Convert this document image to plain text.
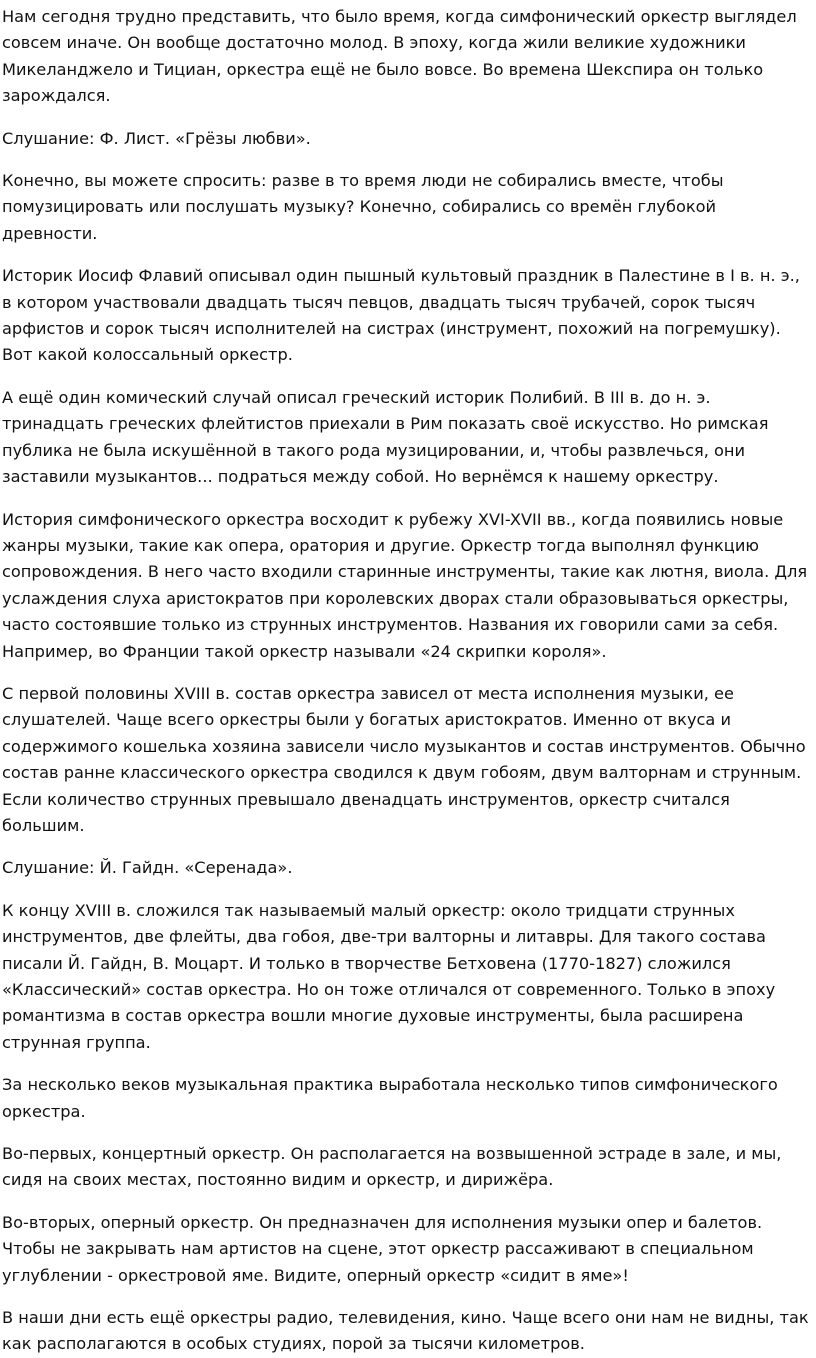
Нам сегодня трудно представить, что было время, когда симфонический оркестр выглядел совсем иначе. Он вообще достаточно молод. В эпоху, когда жили великие художники Микеланджело и Тициан, оркестра ещё не было вовсе. Во времена Шекспира он только зарождался.

Слушание: Ф. Лист. «Грёзы любви».

Конечно, вы можете спросить: разве в то время люди не собирались вместе, чтобы помузицировать или послушать музыку? Конечно, собирались со времён глубокой древности.

Историк Иосиф Флавий описывал один пышный культовый праздник в Палестине в I в. н. э., в котором участвовали двадцать тысяч певцов, двадцать тысяч трубачей, сорок тысяч арфистов и сорок тысяч исполнителей на систрах (инструмент, похожий на погремушку). Вот какой колоссальный оркестр.

А ещё один комический случай описал греческий историк Полибий. В III в. до н. э. тринадцать греческих флейтистов приехали в Рим показать своё искусство. Но римская публика не была искушённой в такого рода музицировании, и, чтобы развлечься, они заставили музыкантов... подраться между собой. Но вернёмся к нашему оркестру.

История симфонического оркестра восходит к рубежу XVI-XVII вв., когда появились новые жанры музыки, такие как опера, оратория и другие. Оркестр тогда выполнял функцию сопровождения. В него часто входили старинные инструменты, такие как лютня, виола. Для услаждения слуха аристократов при королевских дворах стали образовываться оркестры, часто состоявшие только из струнных инструментов. Названия их говорили сами за себя. Например, во Франции такой оркестр называли «24 скрипки короля».

С первой половины XVIII в. состав оркестра зависел от места исполнения музыки, ее слушателей. Чаще всего оркестры были у богатых аристократов. Именно от вкуса и содержимого кошелька хозяина зависели число музыкантов и состав инструментов. Обычно состав ранне классического оркестра сводился к двум гобоям, двум валторнам и струнным. Если количество струнных превышало двенадцать инструментов, оркестр считался большим.

Слушание: Й. Гайдн. «Серенада».

К концу XVIII в. сложился так называемый малый оркестр: около тридцати струнных инструментов, две флейты, два гобоя, две-три валторны и литавры. Для такого состава писали Й. Гайдн, В. Моцарт. И только в творчестве Бетховена (1770-1827) сложился «Классический» состав оркестра. Но он тоже отличался от современного. Только в эпоху романтизма в состав оркестра вошли многие духовые инструменты, была расширена струнная группа.

За несколько веков музыкальная практика выработала несколько типов симфонического оркестра.

Во-первых, концертный оркестр. Он располагается на возвышенной эстраде в зале, и мы, сидя на своих местах, постоянно видим и оркестр, и дирижёра.

Во-вторых, оперный оркестр. Он предназначен для исполнения музыки опер и балетов. Чтобы не закрывать нам артистов на сцене, этот оркестр рассаживают в специальном углублении - оркестровой яме. Видите, оперный оркестр «сидит в яме»!

В наши дни есть ещё оркестры радио, телевидения, кино. Чаще всего они нам не видны, так как располагаются в особых студиях, порой за тысячи километров.
